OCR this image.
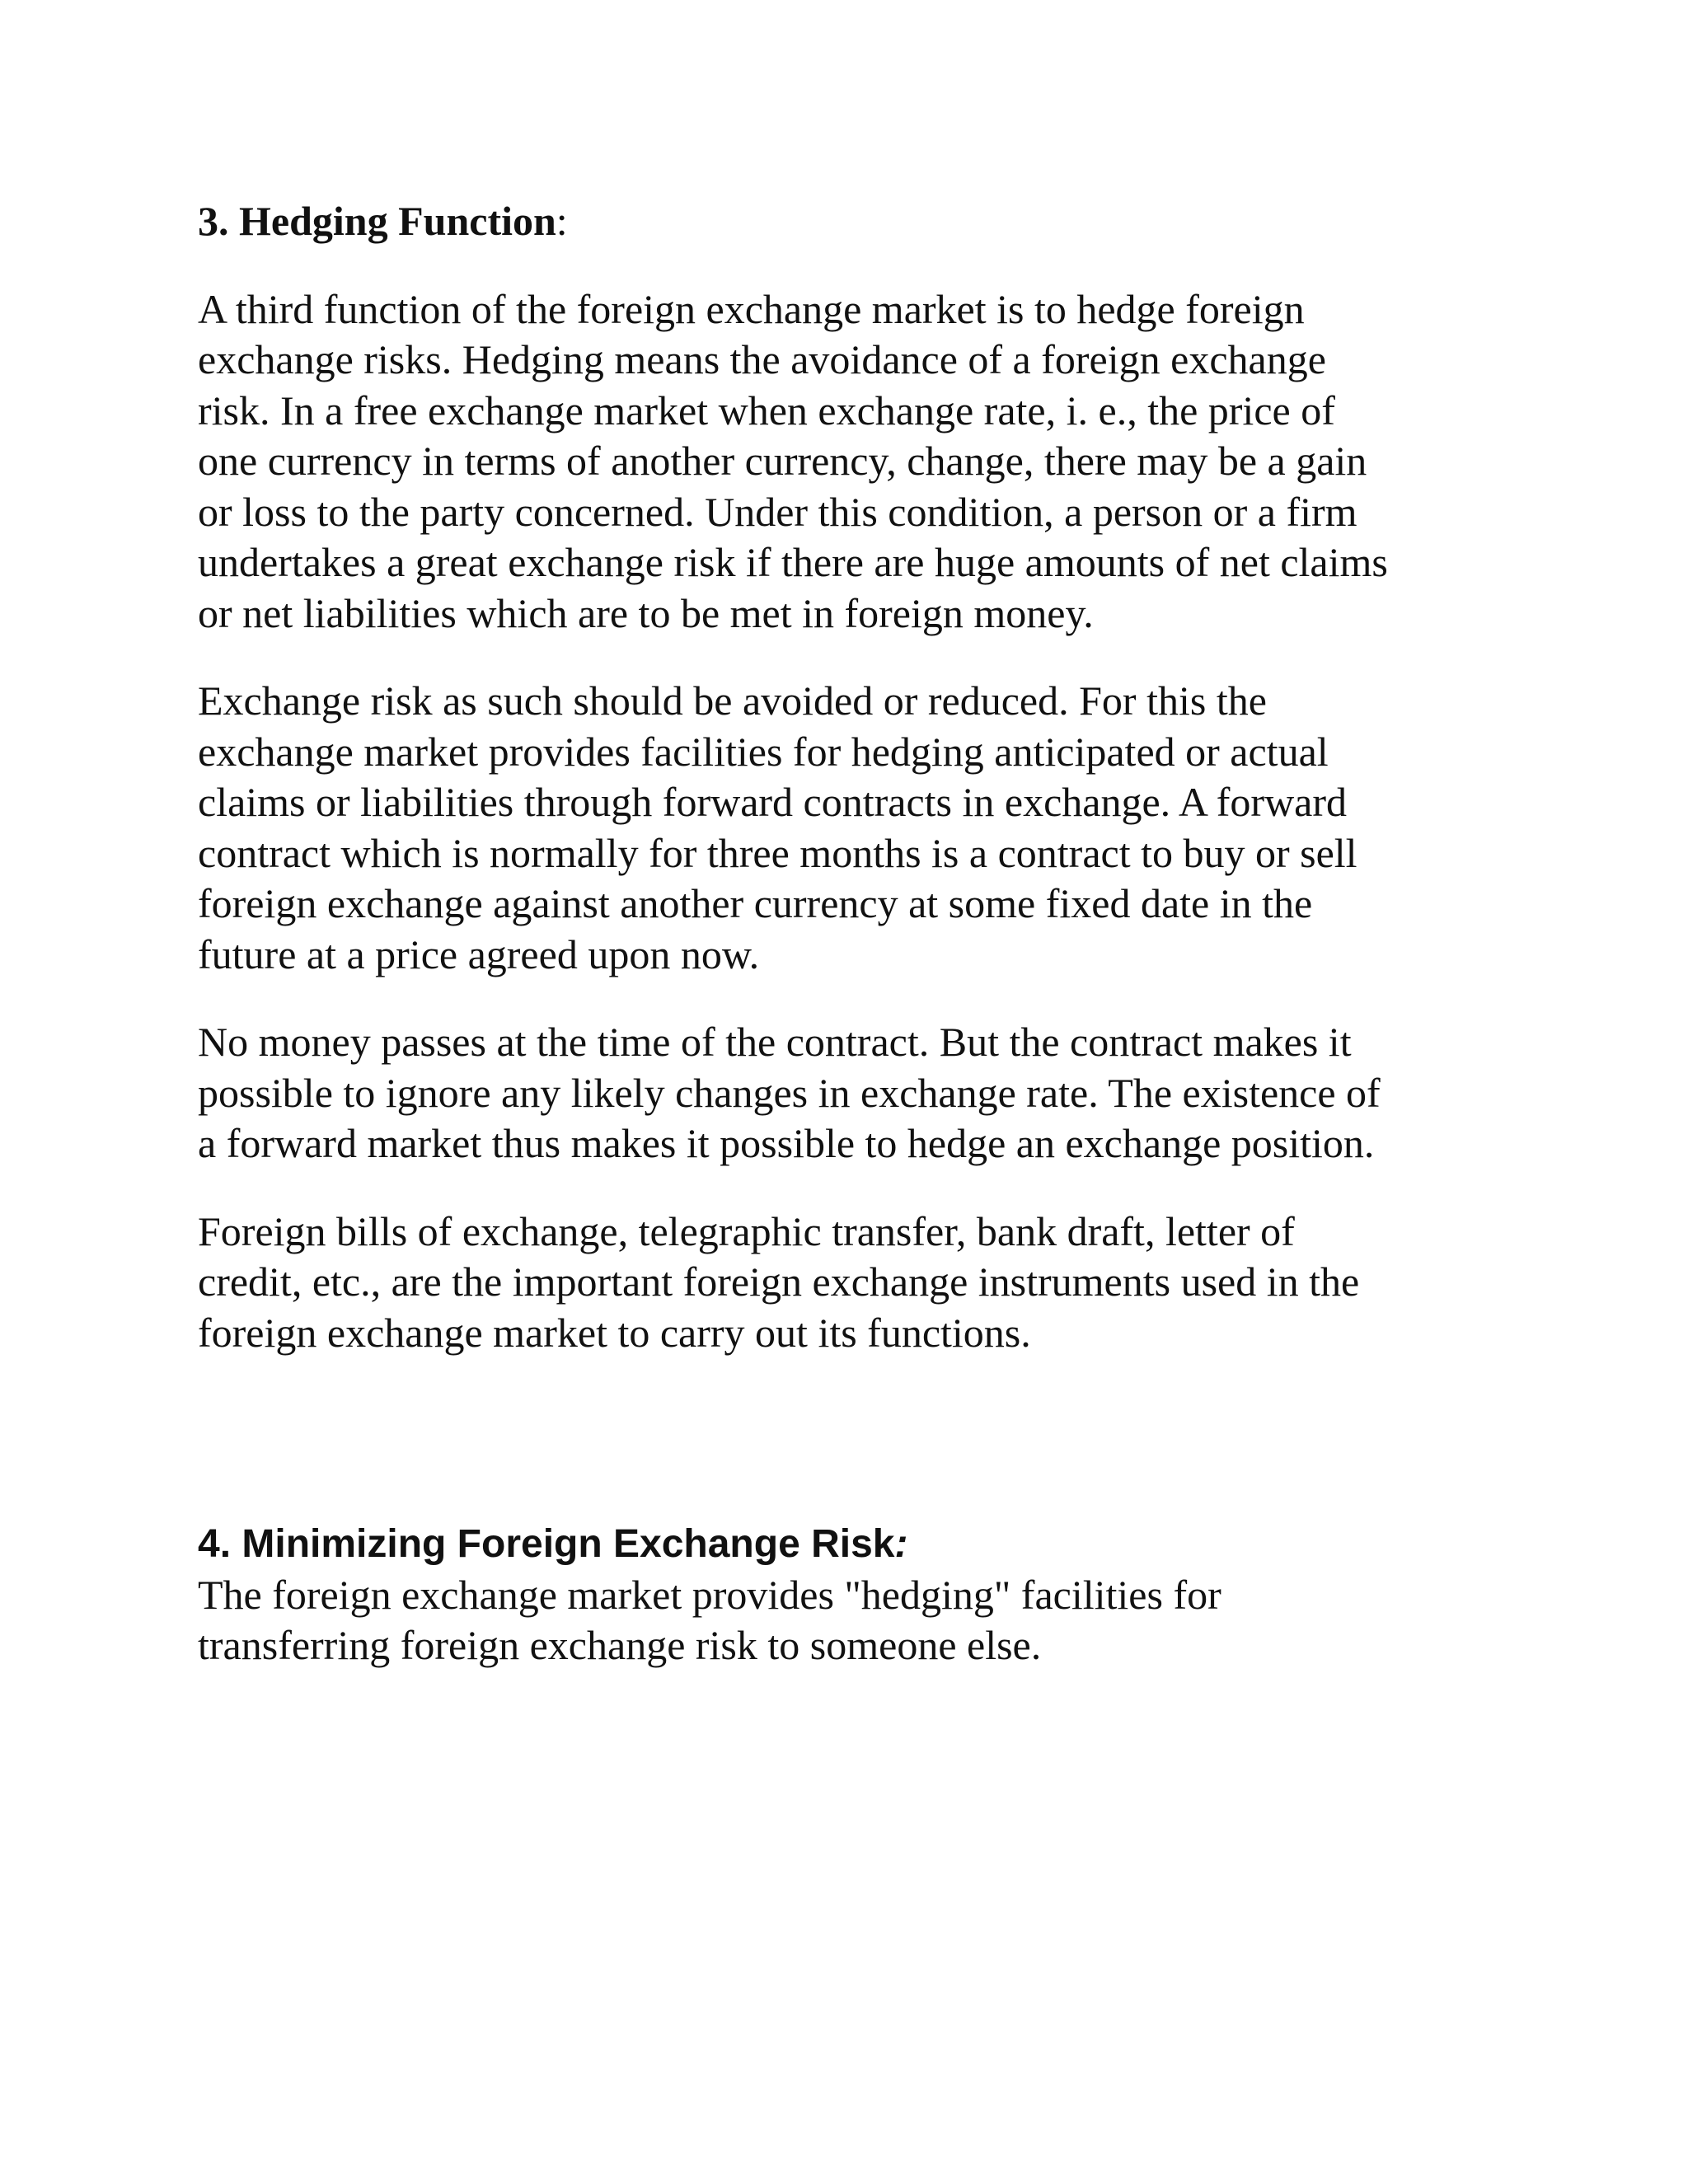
3. Hedging Function:

A third function of the foreign exchange market is to hedge foreign
exchange risks. Hedging means the avoidance of a foreign exchange
risk. In a free exchange market when exchange rate, i. e., the price of
one currency in terms of another currency, change, there may be a gain
or loss to the party concerned. Under this condition, a person or a firm
undertakes a great exchange risk if there are huge amounts of net claims
or net liabilities which are to be met in foreign money.

Exchange risk as such should be avoided or reduced. For this the
exchange market provides facilities for hedging anticipated or actual
claims or liabilities through forward contracts in exchange. A forward
contract which is normally for three months is a contract to buy or sell
foreign exchange against another currency at some fixed date in the
future at a price agreed upon now.

No money passes at the time of the contract. But the contract makes it
possible to ignore any likely changes in exchange rate. The existence of
a forward market thus makes it possible to hedge an exchange position.

Foreign bills of exchange, telegraphic transfer, bank draft, letter of
credit, etc., are the important foreign exchange instruments used in the
foreign exchange market to carry out its functions.

4. Minimizing Foreign Exchange Risk:

The foreign exchange market provides "hedging" facilities for
transferring foreign exchange risk to someone else.
